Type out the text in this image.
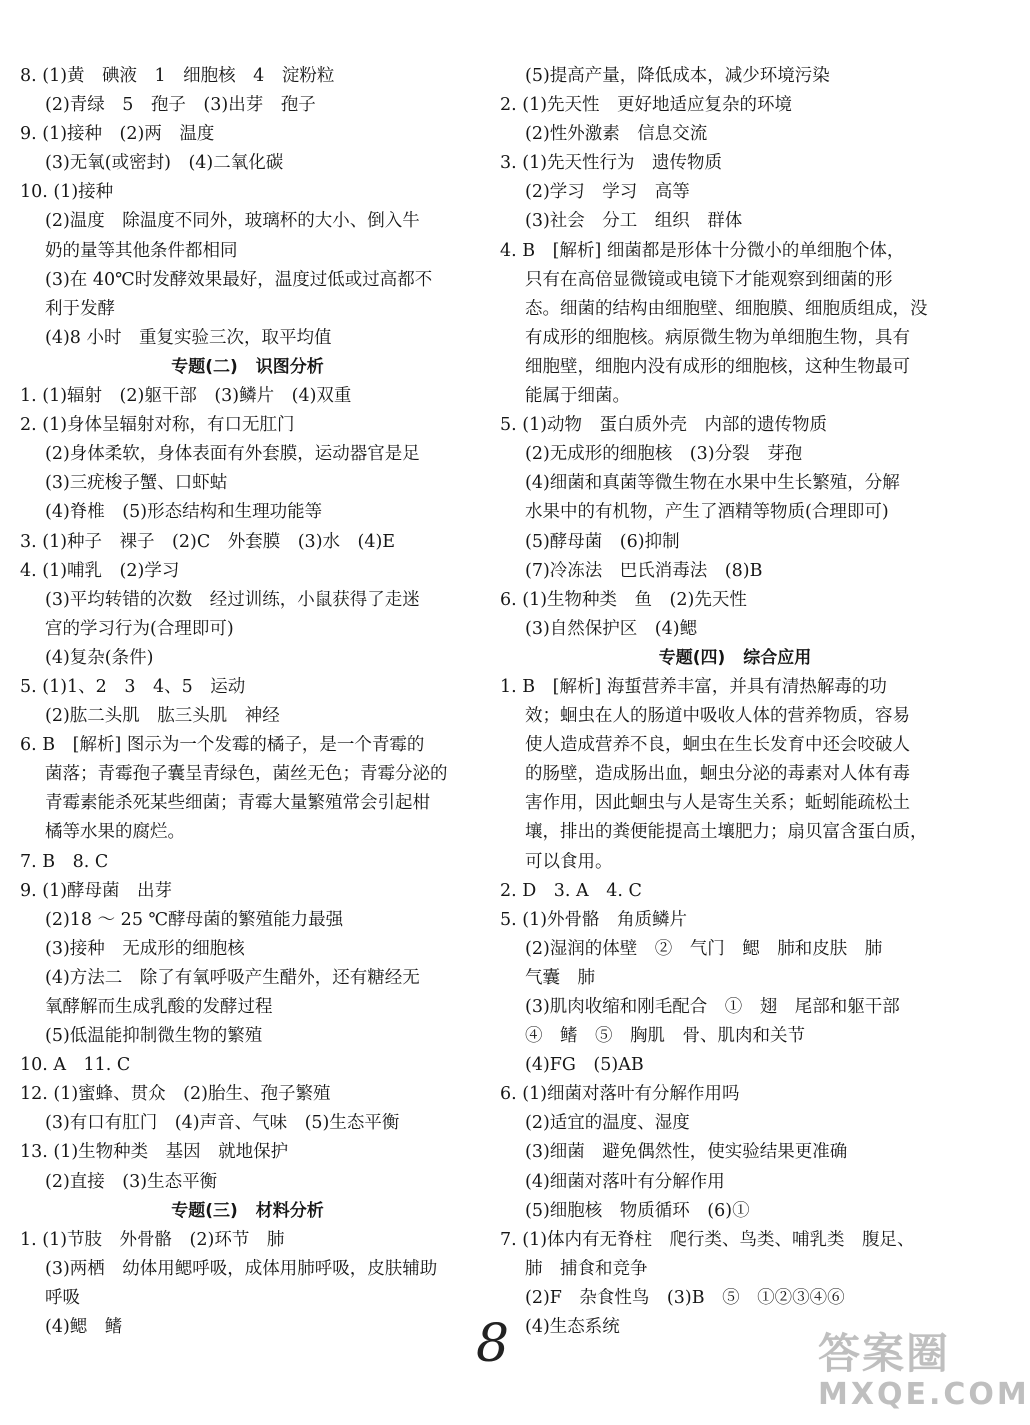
8. (1)黄　碘液　1　细胞核　4　淀粉粒
(2)青绿　5　孢子　(3)出芽　孢子
9. (1)接种　(2)两　温度
(3)无氧(或密封)　(4)二氧化碳
10. (1)接种
(2)温度　除温度不同外，玻璃杯的大小、倒入牛
奶的量等其他条件都相同
(3)在 40℃时发酵效果最好，温度过低或过高都不
利于发酵
(4)8 小时　重复实验三次，取平均值
专题(二) 识图分析
1. (1)辐射　(2)躯干部　(3)鳞片　(4)双重
2. (1)身体呈辐射对称，有口无肛门
(2)身体柔软，身体表面有外套膜，运动器官是足
(3)三疣梭子蟹、口虾蛄
(4)脊椎　(5)形态结构和生理功能等
3. (1)种子　裸子　(2)C　外套膜　(3)水　(4)E
4. (1)哺乳　(2)学习
(3)平均转错的次数　经过训练，小鼠获得了走迷
宫的学习行为(合理即可)
(4)复杂(条件)
5. (1)1、2　3　4、5　运动
(2)肱二头肌　肱三头肌　神经
6. B　[解析] 图示为一个发霉的橘子，是一个青霉的
菌落；青霉孢子囊呈青绿色，菌丝无色；青霉分泌的
青霉素能杀死某些细菌；青霉大量繁殖常会引起柑
橘等水果的腐烂。
7. B　8. C
9. (1)酵母菌　出芽
(2)18 ～ 25 ℃酵母菌的繁殖能力最强
(3)接种　无成形的细胞核
(4)方法二　除了有氧呼吸产生醋外，还有糖经无
氧酵解而生成乳酸的发酵过程
(5)低温能抑制微生物的繁殖
10. A　11. C
12. (1)蜜蜂、贯众　(2)胎生、孢子繁殖
(3)有口有肛门　(4)声音、气味　(5)生态平衡
13. (1)生物种类　基因　就地保护
(2)直接　(3)生态平衡
专题(三) 材料分析
1. (1)节肢　外骨骼　(2)环节　肺
(3)两栖　幼体用鳃呼吸，成体用肺呼吸，皮肤辅助
呼吸
(4)鳃　鳍
(5)提高产量，降低成本，减少环境污染
2. (1)先天性　更好地适应复杂的环境
(2)性外激素　信息交流
3. (1)先天性行为　遗传物质
(2)学习　学习　高等
(3)社会　分工　组织　群体
4. B　[解析] 细菌都是形体十分微小的单细胞个体，
只有在高倍显微镜或电镜下才能观察到细菌的形
态。细菌的结构由细胞壁、细胞膜、细胞质组成，没
有成形的细胞核。病原微生物为单细胞生物，具有
细胞壁，细胞内没有成形的细胞核，这种生物最可
能属于细菌。
5. (1)动物　蛋白质外壳　内部的遗传物质
(2)无成形的细胞核　(3)分裂　芽孢
(4)细菌和真菌等微生物在水果中生长繁殖，分解
水果中的有机物，产生了酒精等物质(合理即可)
(5)酵母菌　(6)抑制
(7)冷冻法　巴氏消毒法　(8)B
6. (1)生物种类　鱼　(2)先天性
(3)自然保护区　(4)鳃
专题(四) 综合应用
1. B　[解析] 海蜇营养丰富，并具有清热解毒的功
效；蛔虫在人的肠道中吸收人体的营养物质，容易
使人造成营养不良，蛔虫在生长发育中还会咬破人
的肠壁，造成肠出血，蛔虫分泌的毒素对人体有毒
害作用，因此蛔虫与人是寄生关系；蚯蚓能疏松土
壤，排出的粪便能提高土壤肥力；扇贝富含蛋白质，
可以食用。
2. D　3. A　4. C
5. (1)外骨骼　角质鳞片
(2)湿润的体壁　②　气门　鳃　肺和皮肤　肺
气囊　肺
(3)肌肉收缩和刚毛配合　①　翅　尾部和躯干部
④　鳍　⑤　胸肌　骨、肌肉和关节
(4)FG　(5)AB
6. (1)细菌对落叶有分解作用吗
(2)适宜的温度、湿度
(3)细菌　避免偶然性，使实验结果更准确
(4)细菌对落叶有分解作用
(5)细胞核　物质循环　(6)①
7. (1)体内有无脊柱　爬行类、鸟类、哺乳类　腹足、
肺　捕食和竞争
(2)F　杂食性鸟　(3)B　⑤　①②③④⑥
(4)生态系统
8	答案圈
MXQE.COM
